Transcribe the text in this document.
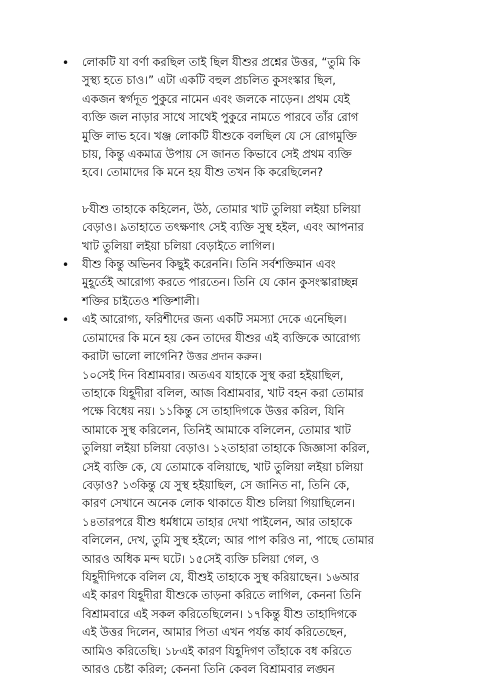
•
লোকটি যা বর্ণা করছিল তাই ছিল যীশুর প্রশ্নের উত্তর, “তুমি কি
সুস্থ্য হতে চাও।” এটা একটি বহুল প্রচলিত কুসংস্কার ছিল,
একজন স্বর্গদূত পুকুরে নামেন এবং জলকে নাড়েন। প্রথম যেই
ব্যক্তি জল নাড়ার সাথে সাথেই পুকুরে নামতে পারবে তাঁর রোগ
মুক্তি লাভ হবে। খঞ্জ লোকটি যীশুকে বলছিল যে সে রোগমুক্তি
চায়, কিন্তু একমাত্র উপায় সে জানত কিভাবে সেই প্রথম ব্যক্তি
হবে। তোমাদের কি মনে হয় যীশু তখন কি করেছিলেন?
৮যীশু তাহাকে কহিলেন, উঠ, তোমার খাট তুলিয়া লইয়া চলিয়া
বেড়াও। ৯তাহাতে তৎক্ষণাৎ সেই ব্যক্তি সুস্থ হইল, এবং আপনার
খাট তুলিয়া লইয়া চলিয়া বেড়াইতে লাগিল।
•
যীশু কিন্তু অভিনব কিছুই করেননি। তিনি সর্বশক্তিমান এবং
মুহূর্তেই আরোগ্য করতে পারতেন। তিনি যে কোন কুসংস্কারাচ্ছন্ন
শক্তির চাইতেও শক্তিশালী।
•
এই আরোগ্য, ফরিশীদের জন্য একটি সমস্যা দেকে এনেছিল।
তোমাদের কি মনে হয় কেন তাদের যীশুর এই ব্যক্তিকে আরোগ্য
করাটা ভালো লাগেনি? উত্তর প্রদান করুন।
১০সেই দিন বিশ্রামবার। অতএব যাহাকে সুস্থ করা হইয়াছিল,
তাহাকে যিহূদীরা বলিল, আজ বিশ্রামবার, খাট বহন করা তোমার
পক্ষে বিধেয় নয়। ১১কিন্তু সে তাহাদিগকে উত্তর করিল, যিনি
আমাকে সুস্থ করিলেন, তিনিই আমাকে বলিলেন, তোমার খাট
তুলিয়া লইয়া চলিয়া বেড়াও। ১২তাহারা তাহাকে জিজ্ঞাসা করিল,
সেই ব্যক্তি কে, যে তোমাকে বলিয়াছে, খাট তুলিয়া লইয়া চলিয়া
বেড়াও? ১৩কিন্তু যে সুস্থ হইয়াছিল, সে জানিত না, তিনি কে,
কারণ সেখানে অনেক লোক থাকাতে যীশু চলিয়া গিয়াছিলেন।
১৪তারপরে যীশু ধর্মধামে তাহার দেখা পাইলেন, আর তাহাকে
বলিলেন, দেখ, তুমি সুস্থ হইলে; আর পাপ করিও না, পাছে তোমার
আরও অধিক মন্দ ঘটে। ১৫সেই ব্যক্তি চলিয়া গেল, ও
যিহূদীদিগকে বলিল যে, যীশুই তাহাকে সুস্থ করিয়াছেন। ১৬আর
এই কারণ যিহূদীরা যীশুকে তাড়না করিতে লাগিল, কেননা তিনি
বিশ্রামবারে এই সকল করিতেছিলেন। ১৭কিন্তু যীশু তাহাদিগকে
এই উত্তর দিলেন, আমার পিতা এখন পর্যন্ত কার্য করিতেছেন,
আমিও করিতেছি। ১৮এই কারণ যিহূদিগণ তাঁহাকে বধ করিতে
আরও চেষ্টা করিল; কেননা তিনি কেবল বিশ্রামবার লঙ্ঘন
